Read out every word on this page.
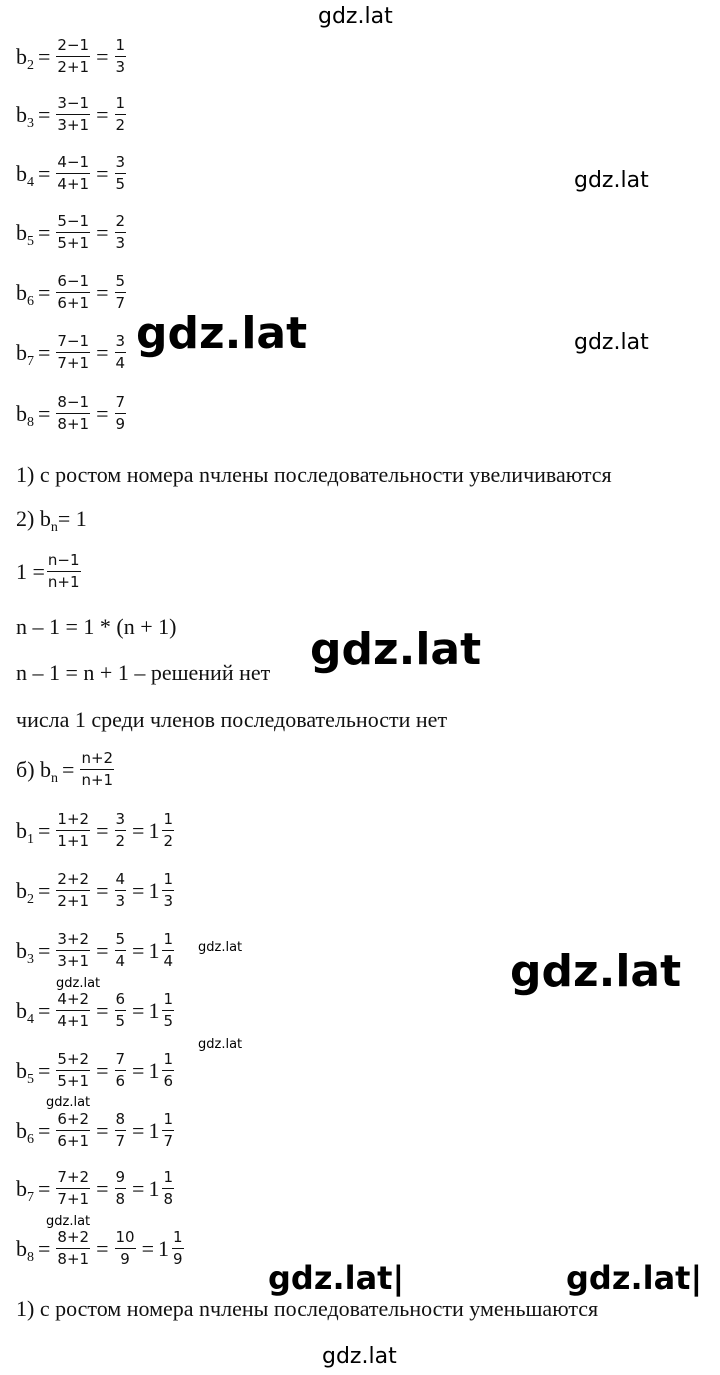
gdz.lat
gdz.lat
gdz.lat	gdz.lat
gdz.lat
gdz.lat	gdz.lat
gdz.lat
gdz.lat
gdz.lat
gdz.lat
gdz.lat|	gdz.lat|
gdz.lat
$b_2 = \frac{2-1}{2+1} = \frac{1}{3}$
$b_3 = \frac{3-1}{3+1} = \frac{1}{2}$
$b_4 = \frac{4-1}{4+1} = \frac{3}{5}$
$b_5 = \frac{5-1}{5+1} = \frac{2}{3}$
$b_6 = \frac{6-1}{6+1} = \frac{5}{7}$
$b_7 = \frac{7-1}{7+1} = \frac{3}{4}$
$b_8 = \frac{8-1}{8+1} = \frac{7}{9}$
1) с ростом номера nчлены последовательности увеличиваются
2) $b_n = 1$
$1 = \frac{n-1}{n+1}$
n – 1 = 1 * (n + 1)
n – 1 = n + 1 – решений нет
числа 1 среди членов последовательности нет
б) $b_n = \frac{n+2}{n+1}$
$b_1 = \frac{1+2}{1+1} = \frac{3}{2} = 1 \frac{1}{2}$
$b_2 = \frac{2+2}{2+1} = \frac{4}{3} = 1 \frac{1}{3}$
$b_3 = \frac{3+2}{3+1} = \frac{5}{4} = 1 \frac{1}{4}$
$b_4 = \frac{4+2}{4+1} = \frac{6}{5} = 1 \frac{1}{5}$
$b_5 = \frac{5+2}{5+1} = \frac{7}{6} = 1 \frac{1}{6}$
$b_6 = \frac{6+2}{6+1} = \frac{8}{7} = 1 \frac{1}{7}$
$b_7 = \frac{7+2}{7+1} = \frac{9}{8} = 1 \frac{1}{8}$
$b_8 = \frac{8+2}{8+1} = \frac{10}{9} = 1 \frac{1}{9}$
1) с ростом номера nчлены последовательности уменьшаются
